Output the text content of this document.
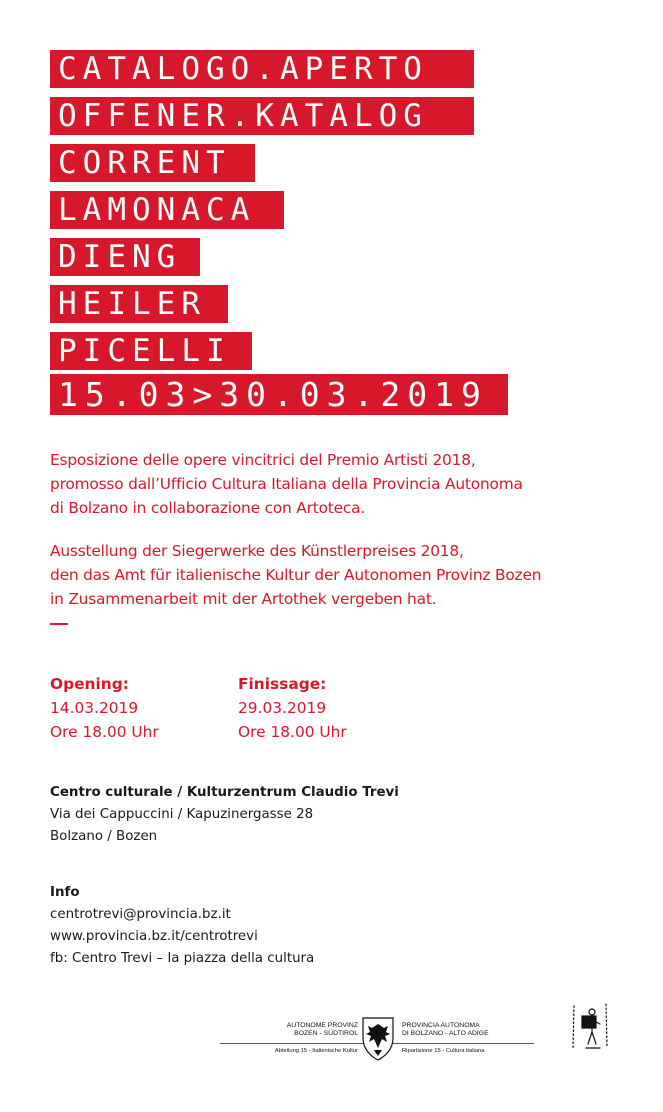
CATALOGO.APERTO
OFFENER.KATALOG
CORRENT
LAMONACA
DIENG
HEILER
PICELLI
15.03>30.03.2019
Esposizione delle opere vincitrici del Premio Artisti 2018,
promosso dall’Ufficio Cultura Italiana della Provincia Autonoma
di Bolzano in collaborazione con Artoteca.
Ausstellung der Siegerwerke des Künstlerpreises 2018,
den das Amt für italienische Kultur der Autonomen Provinz Bozen
in Zusammenarbeit mit der Artothek vergeben hat.
Opening:
14.03.2019
Ore 18.00 Uhr
Finissage:
29.03.2019
Ore 18.00 Uhr
Centro culturale / Kulturzentrum Claudio Trevi
Via dei Cappuccini / Kapuzinergasse 28
Bolzano / Bozen
Info
centrotrevi@provincia.bz.it
www.provincia.bz.it/centrotrevi
fb: Centro Trevi – la piazza della cultura
AUTONOME PROVINZ
BOZEN - SÜDTIROL
Abteilung 15 - Italienische Kultur
PROVINCIA AUTONOMA
DI BOLZANO - ALTO ADIGE
Ripartizione 15 - Cultura italiana
